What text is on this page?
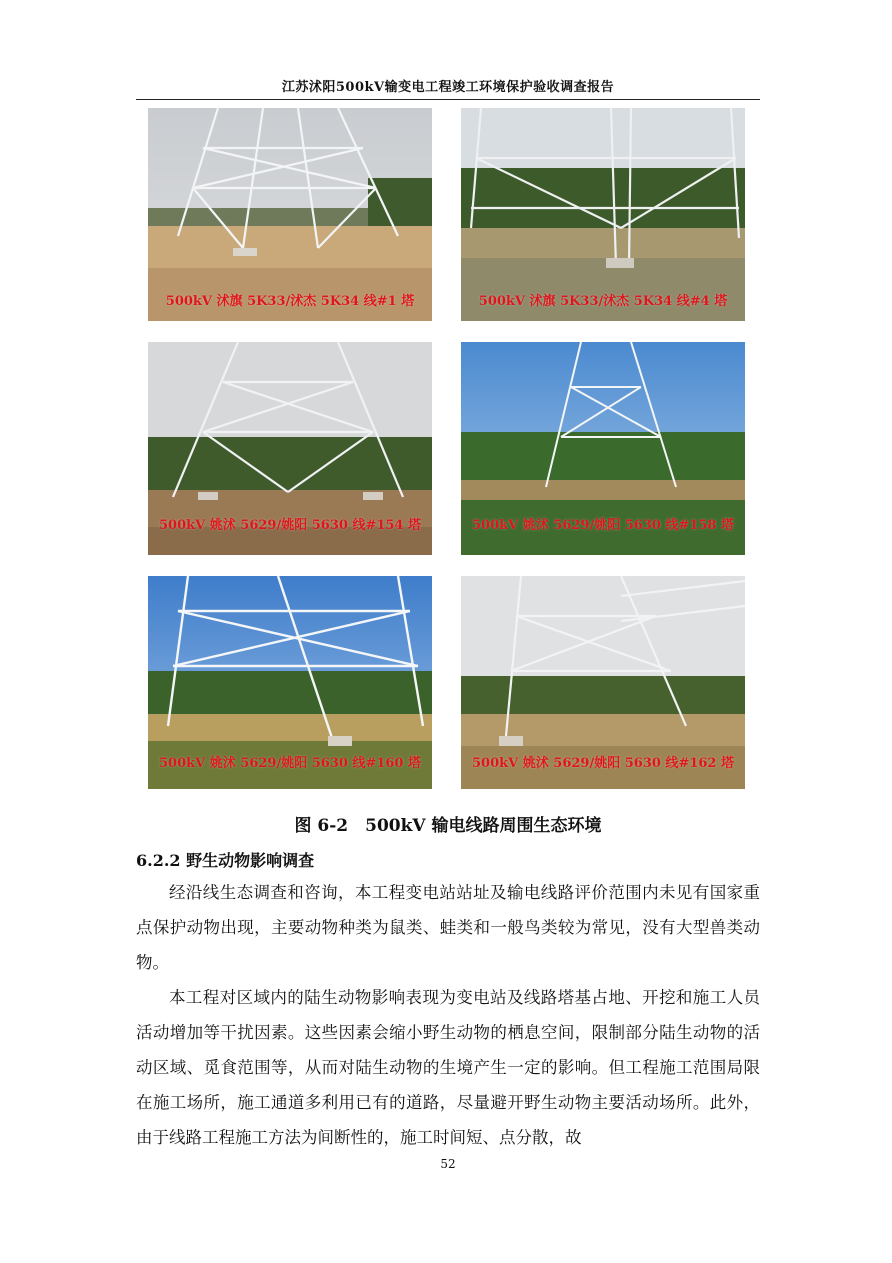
江苏沭阳500kV输变电工程竣工环境保护验收调查报告
500kV 沭旗 5K33/沭杰 5K34 线#1 塔	500kV 沭旗 5K33/沭杰 5K34 线#4 塔
500kV 姚沭 5629/姚阳 5630 线#154 塔	500kV 姚沭 5629/姚阳 5630 线#158 塔
500kV 姚沭 5629/姚阳 5630 线#160 塔	500kV 姚沭 5629/姚阳 5630 线#162 塔
图 6-2　500kV 输电线路周围生态环境
6.2.2 野生动物影响调查

经沿线生态调查和咨询，本工程变电站站址及输电线路评价范围内未见有国家重点保护动物出现，主要动物种类为鼠类、蛙类和一般鸟类较为常见，没有大型兽类动物。

本工程对区域内的陆生动物影响表现为变电站及线路塔基占地、开挖和施工人员活动增加等干扰因素。这些因素会缩小野生动物的栖息空间，限制部分陆生动物的活动区域、觅食范围等，从而对陆生动物的生境产生一定的影响。但工程施工范围局限在施工场所，施工通道多利用已有的道路，尽量避开野生动物主要活动场所。此外，由于线路工程施工方法为间断性的，施工时间短、点分散，故

52
